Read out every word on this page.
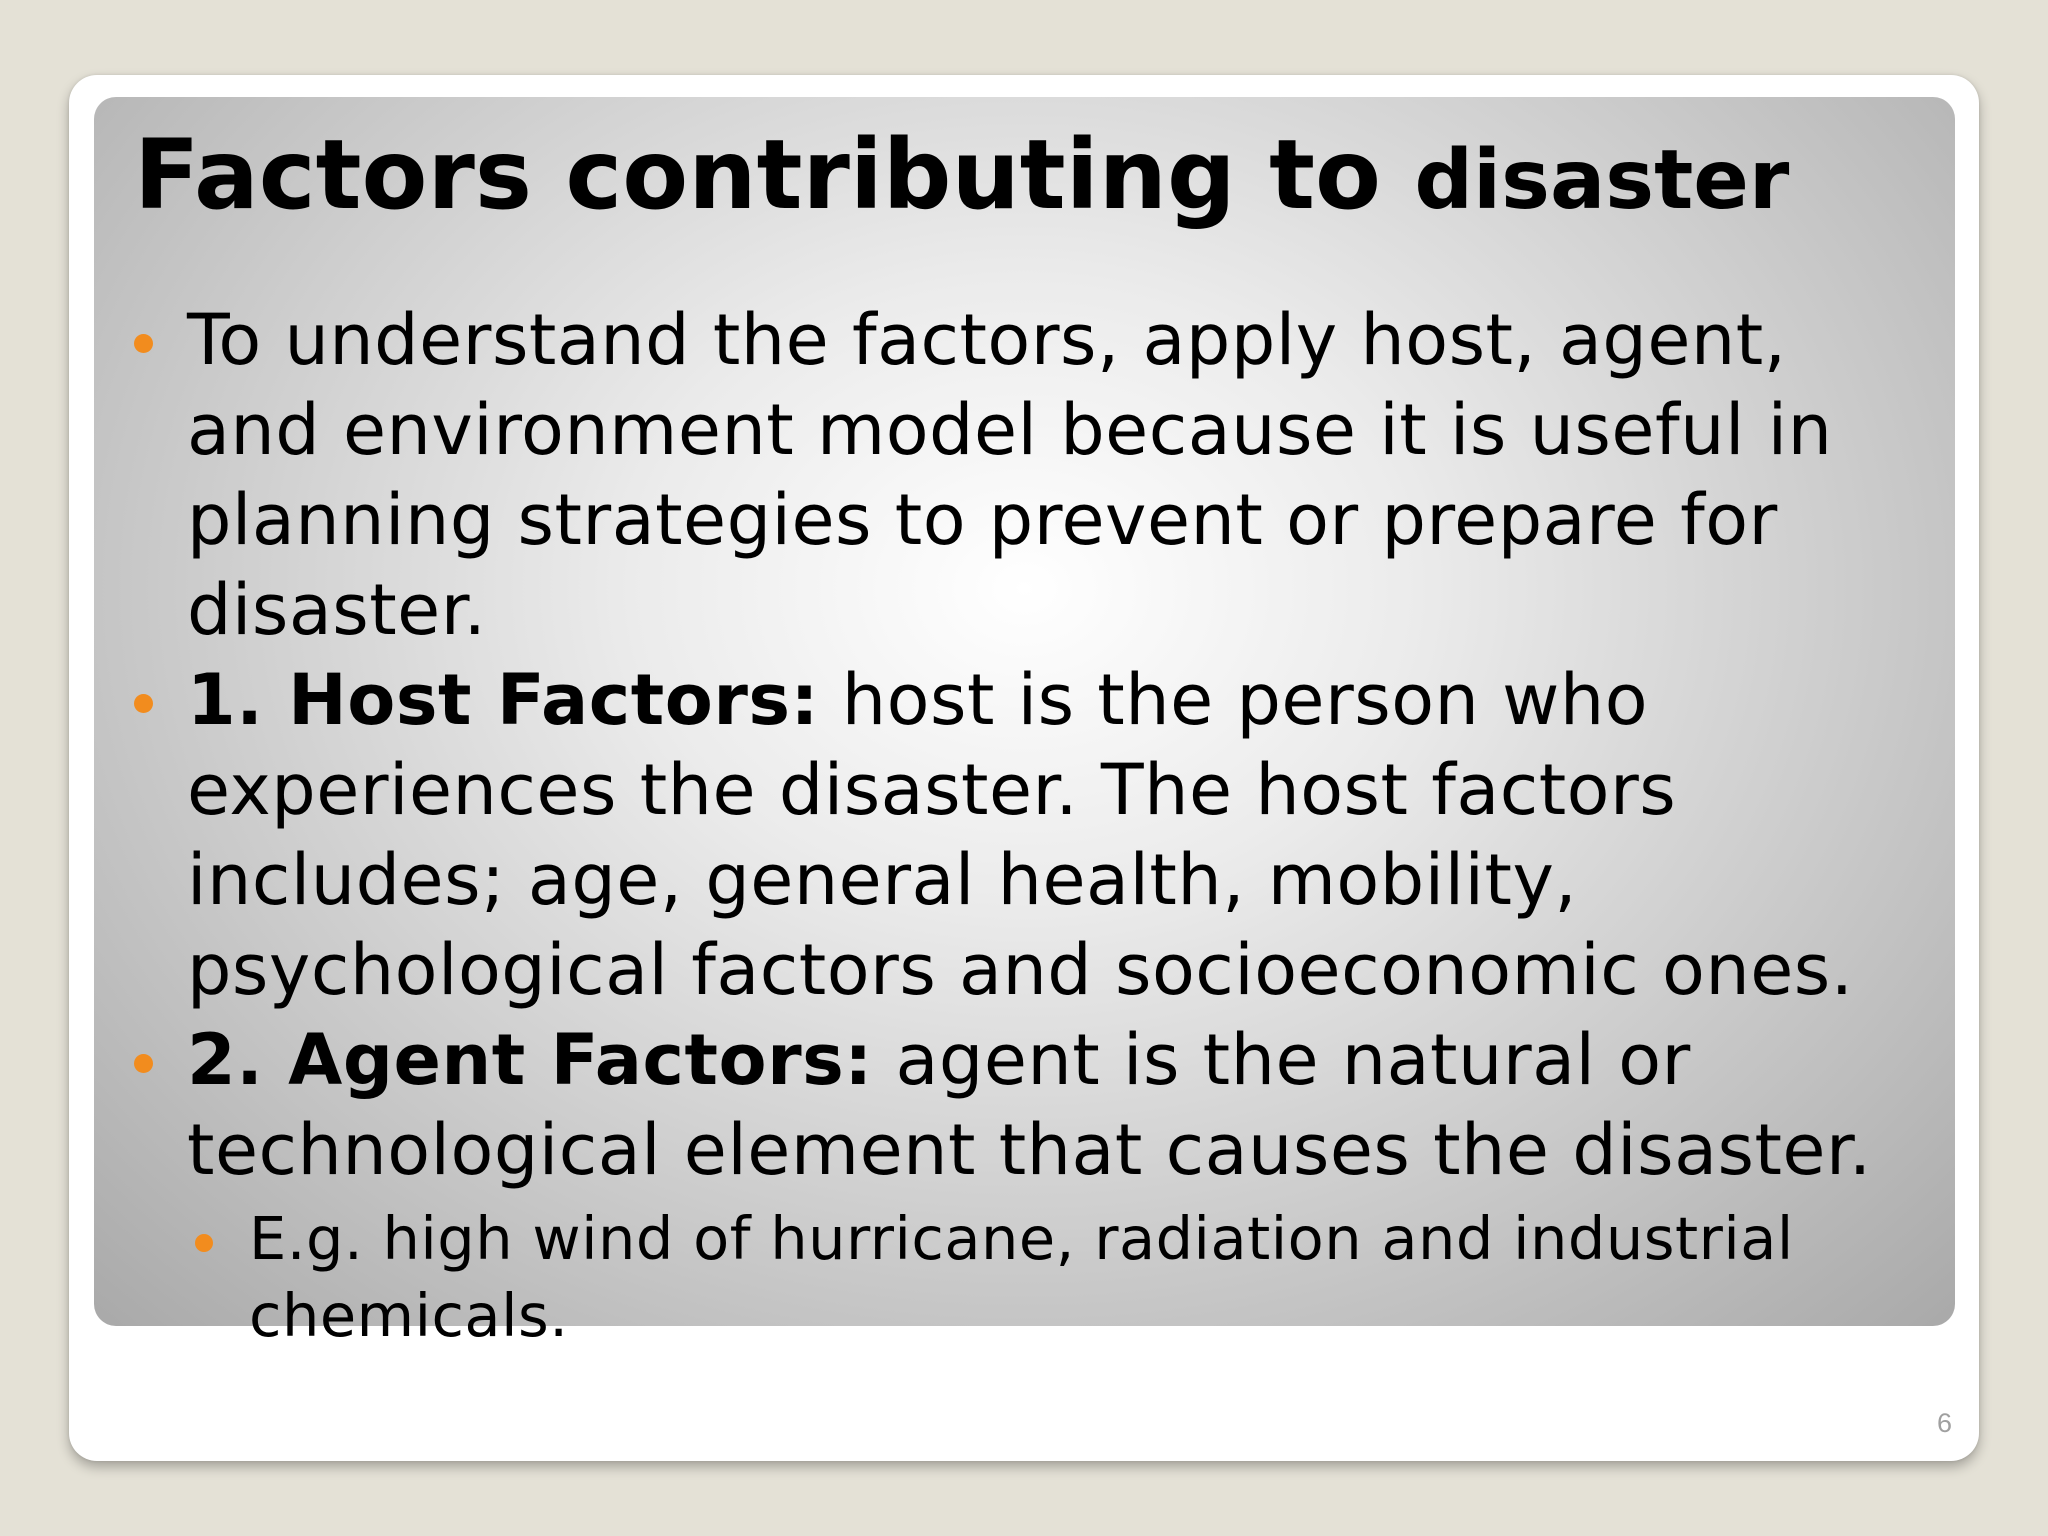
Factors contributing to disaster
To understand the factors, apply host, agent, and environment model because it is useful in planning strategies to prevent or prepare for disaster.
1. Host Factors: host is the person who experiences the disaster. The host factors includes; age, general health, mobility, psychological factors and socioeconomic ones.
2. Agent Factors: agent is the natural or technological element that causes the disaster.
E.g. high wind of hurricane, radiation and industrial chemicals.
6
